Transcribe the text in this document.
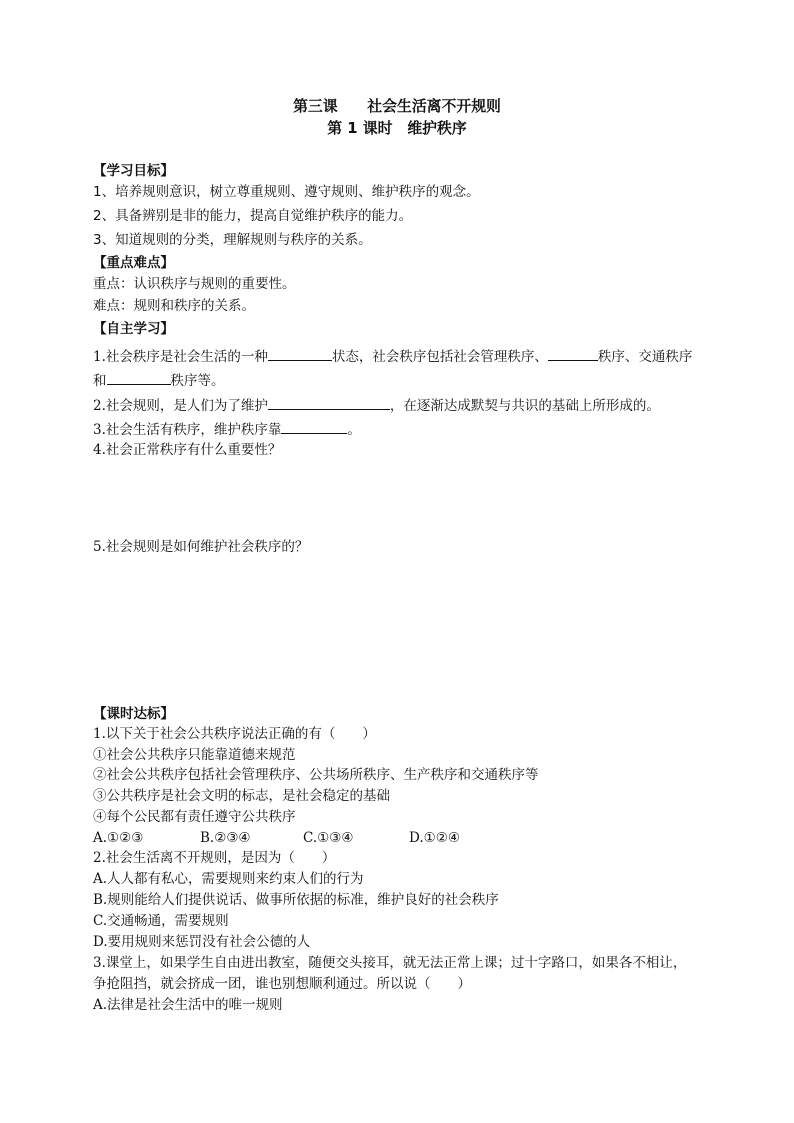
第三课　　社会生活离不开规则
第 1 课时　维护秩序
【学习目标】
1、培养规则意识，树立尊重规则、遵守规则、维护秩序的观念。
2、具备辨别是非的能力，提高自觉维护秩序的能力。
3、知道规则的分类，理解规则与秩序的关系。
【重点难点】
重点：认识秩序与规则的重要性。
难点：规则和秩序的关系。
【自主学习】
1.社会秩序是社会生活的一种	状态，社会秩序包括社会管理秩序、	秩序、交通秩序
和	秩序等。
2.社会规则，是人们为了维护	，在逐渐达成默契与共识的基础上所形成的。
3.社会生活有秩序，维护秩序靠	。
4.社会正常秩序有什么重要性？
5.社会规则是如何维护社会秩序的？
【课时达标】
1.以下关于社会公共秩序说法正确的有（　　）
①社会公共秩序只能靠道德来规范
②社会公共秩序包括社会管理秩序、公共场所秩序、生产秩序和交通秩序等
③公共秩序是社会文明的标志，是社会稳定的基础
④每个公民都有责任遵守公共秩序
A.①②③	B.②③④	C.①③④	D.①②④
2.社会生活离不开规则，是因为（　　）
A.人人都有私心，需要规则来约束人们的行为
B.规则能给人们提供说话、做事所依据的标准，维护良好的社会秩序
C.交通畅通，需要规则
D.要用规则来惩罚没有社会公德的人
3.课堂上，如果学生自由进出教室，随便交头接耳，就无法正常上课；过十字路口，如果各不相让，
争抢阻挡，就会挤成一团，谁也别想顺利通过。所以说（　　）
A.法律是社会生活中的唯一规则
